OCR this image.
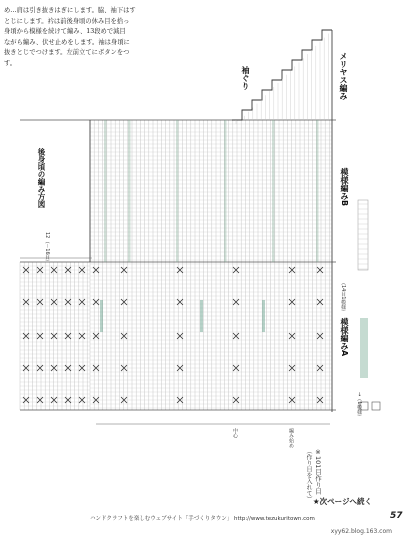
め…肩は引き抜きはぎにします。脇、袖下はす
とじにします。衿は前後身頃の休み目を拾っ
身頃から模様を続けて編み、13段めで減目
ながら編み、伏せ止めをします。袖は身頃に
抜きとじでつけます。左前立てにボタンをつ
す。
袖ぐり	メリヤス編み
後身頃の編み方図	模様編みB
模様編みA
（14目1模様）
12（－16目）
中心	編み始め
（作り目を入れて） ※101目作り目
→（1模様）
★次ページへ続く
ハンドクラフトを楽しむウェブサイト「手づくりタウン」 http://www.tezukuritown.com	57
xyy62.blog.163.com
